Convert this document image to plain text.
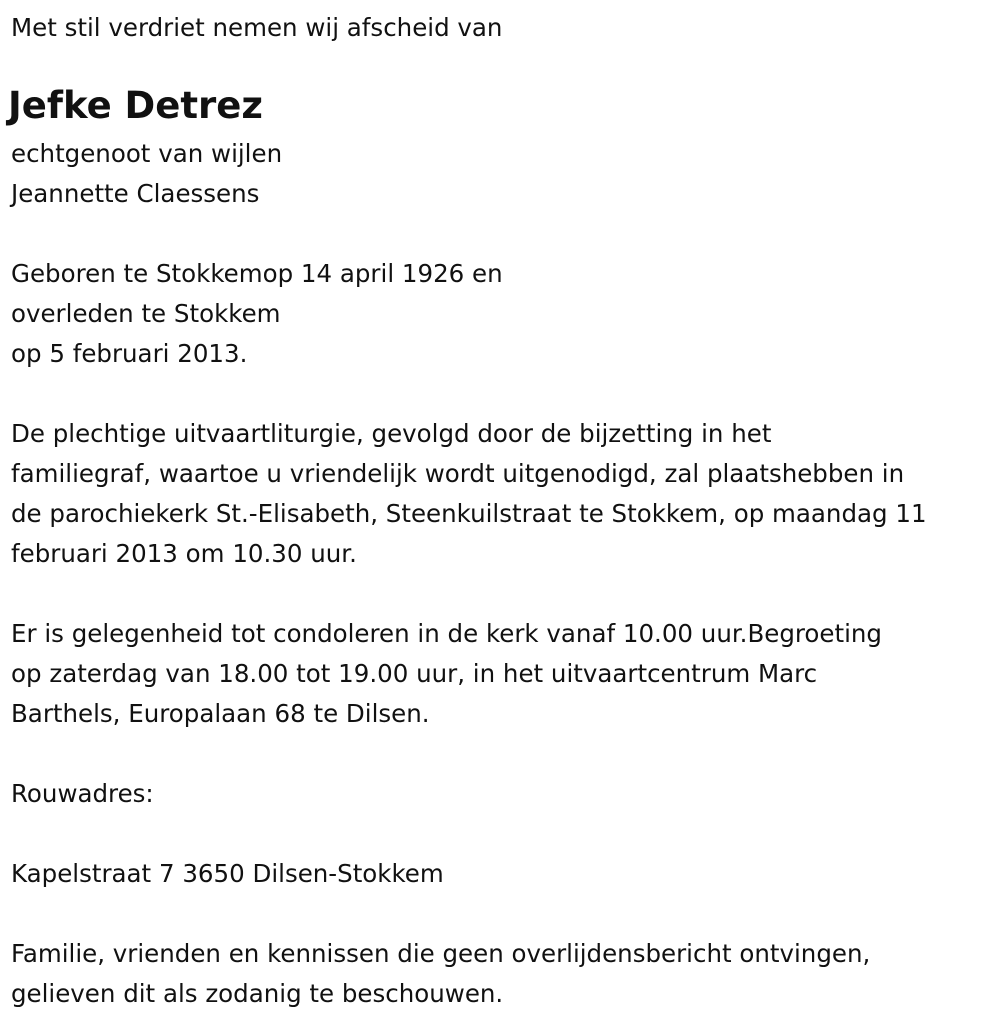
Met stil verdriet nemen wij afscheid van
Jefke Detrez
echtgenoot van wijlen
Jeannette Claessens
Geboren te Stokkemop 14 april 1926 en
overleden te Stokkem
op 5 februari 2013.
De plechtige uitvaartliturgie, gevolgd door de bijzetting in het
familiegraf, waartoe u vriendelijk wordt uitgenodigd, zal plaatshebben in
de parochiekerk St.-Elisabeth, Steenkuilstraat te Stokkem, op maandag 11
februari 2013 om 10.30 uur.
Er is gelegenheid tot condoleren in de kerk vanaf 10.00 uur.Begroeting
op zaterdag van 18.00 tot 19.00 uur, in het uitvaartcentrum Marc
Barthels, Europalaan 68 te Dilsen.
Rouwadres:
Kapelstraat 7 3650 Dilsen-Stokkem
Familie, vrienden en kennissen die geen overlijdensbericht ontvingen,
gelieven dit als zodanig te beschouwen.
